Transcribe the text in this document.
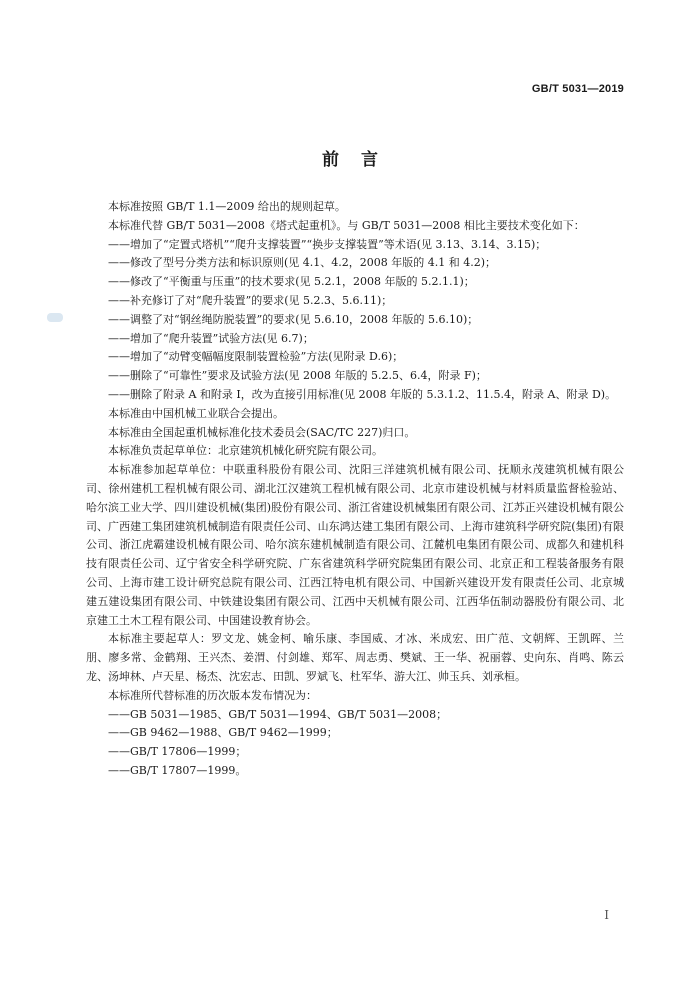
GB/T 5031—2019
前言

本标准按照 GB/T 1.1—2009 给出的规则起草。

本标准代替 GB/T 5031—2008《塔式起重机》。与 GB/T 5031—2008 相比主要技术变化如下：

——增加了“定置式塔机”“爬升支撑装置”“换步支撑装置”等术语(见 3.13、3.14、3.15)；

——修改了型号分类方法和标识原则(见 4.1、4.2，2008 年版的 4.1 和 4.2)；

——修改了“平衡重与压重”的技术要求(见 5.2.1，2008 年版的 5.2.1.1)；

——补充修订了对“爬升装置”的要求(见 5.2.3、5.6.11)；

——调整了对“钢丝绳防脱装置”的要求(见 5.6.10，2008 年版的 5.6.10)；

——增加了“爬升装置”试验方法(见 6.7)；

——增加了“动臂变幅幅度限制装置检验”方法(见附录 D.6)；

——删除了“可靠性”要求及试验方法(见 2008 年版的 5.2.5、6.4，附录 F)；

——删除了附录 A 和附录 I，改为直接引用标准(见 2008 年版的 5.3.1.2、11.5.4，附录 A、附录 D)。

本标准由中国机械工业联合会提出。

本标准由全国起重机械标准化技术委员会(SAC/TC 227)归口。

本标准负责起草单位：北京建筑机械化研究院有限公司。

本标准参加起草单位：中联重科股份有限公司、沈阳三洋建筑机械有限公司、抚顺永茂建筑机械有限公司、徐州建机工程机械有限公司、湖北江汉建筑工程机械有限公司、北京市建设机械与材料质量监督检验站、哈尔滨工业大学、四川建设机械(集团)股份有限公司、浙江省建设机械集团有限公司、江苏正兴建设机械有限公司、广西建工集团建筑机械制造有限责任公司、山东鸿达建工集团有限公司、上海市建筑科学研究院(集团)有限公司、浙江虎霸建设机械有限公司、哈尔滨东建机械制造有限公司、江麓机电集团有限公司、成都久和建机科技有限责任公司、辽宁省安全科学研究院、广东省建筑科学研究院集团有限公司、北京正和工程装备服务有限公司、上海市建工设计研究总院有限公司、江西江特电机有限公司、中国新兴建设开发有限责任公司、北京城建五建设集团有限公司、中铁建设集团有限公司、江西中天机械有限公司、江西华伍制动器股份有限公司、北京建工土木工程有限公司、中国建设教育协会。

本标准主要起草人：罗文龙、姚金柯、喻乐康、李国威、才冰、米成宏、田广范、文朝辉、王凯晖、兰朋、廖多常、金鹤翔、王兴杰、姜渭、付剑雄、郑军、周志勇、樊斌、王一华、祝丽蓉、史向东、肖鸣、陈云龙、汤坤林、卢天星、杨杰、沈宏志、田凯、罗斌飞、杜军华、游大江、帅玉兵、刘承桓。

本标准所代替标准的历次版本发布情况为：

——GB 5031—1985、GB/T 5031—1994、GB/T 5031—2008；

——GB 9462—1988、GB/T 9462—1999；

——GB/T 17806—1999；

——GB/T 17807—1999。

I
